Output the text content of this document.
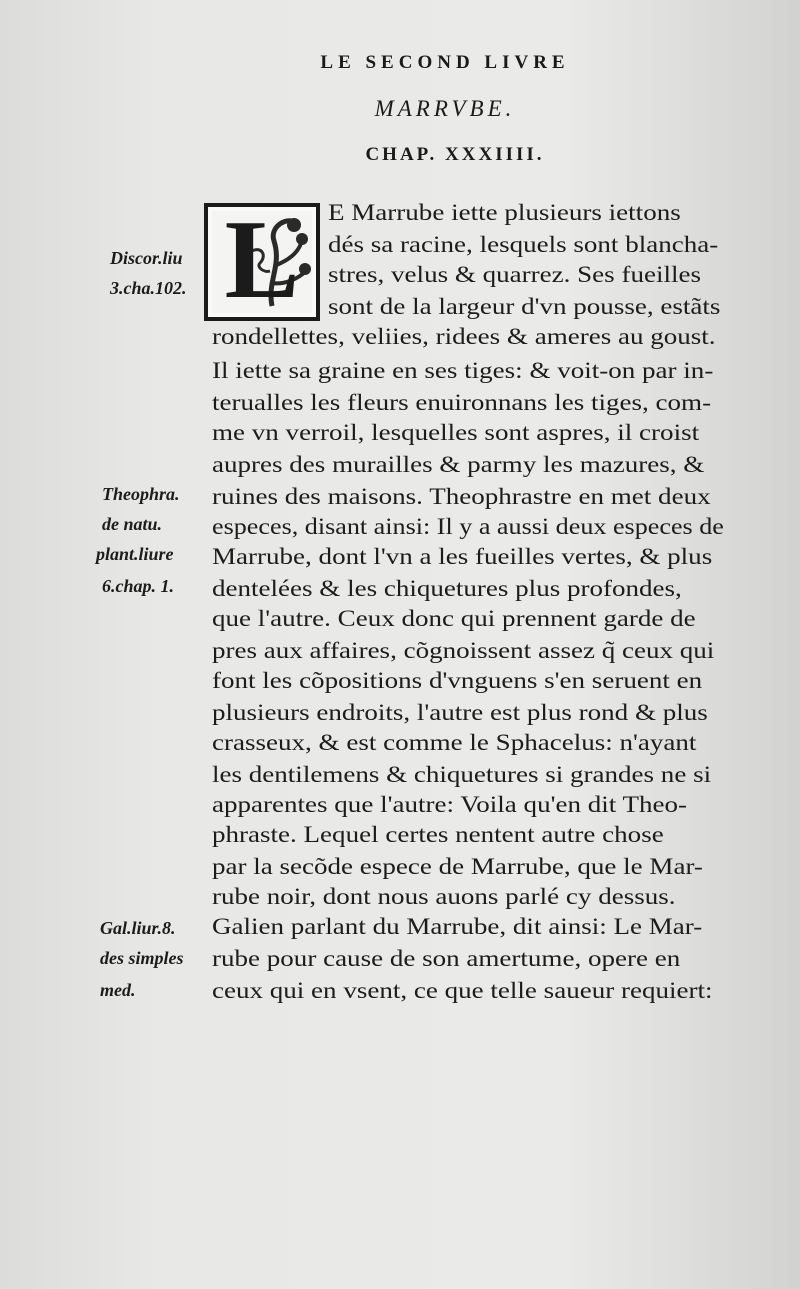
LE SECOND LIVRE
MARRVBE.
CHAP. XXXIIII.
L	E Marrube iette plusieurs iettons
dés sa racine, lesquels sont blancha-
stres, velus & quarrez. Ses fueilles
sont de la largeur d'vn pousse, estãts
rondellettes, veliies, ridees & ameres au goust.
Il iette sa graine en ses tiges: & voit-on par in-
terualles les fleurs enuironnans les tiges, com-
me vn verroil, lesquelles sont aspres, il croist
aupres des murailles & parmy les mazures, &
ruines des maisons. Theophrastre en met deux
especes, disant ainsi: Il y a aussi deux especes de
Marrube, dont l'vn a les fueilles vertes, & plus
dentelées & les chiquetures plus profondes,
que l'autre. Ceux donc qui prennent garde de
pres aux affaires, cõgnoissent assez q̃ ceux qui
font les cõpositions d'vnguens s'en seruent en
plusieurs endroits, l'autre est plus rond & plus
crasseux, & est comme le Sphacelus: n'ayant
les dentilemens & chiquetures si grandes ne si
apparentes que l'autre: Voila qu'en dit Theo-
phraste. Lequel certes nentent autre chose
par la secõde espece de Marrube, que le Mar-
rube noir, dont nous auons parlé cy dessus.
Galien parlant du Marrube, dit ainsi: Le Mar-
rube pour cause de son amertume, opere en
ceux qui en vsent, ce que telle saueur requiert:
Discor.liu
3.cha.102.
Theophra.
de natu.
plant.liure
6.chap. 1.
Gal.liur.8.
des simples
med.
